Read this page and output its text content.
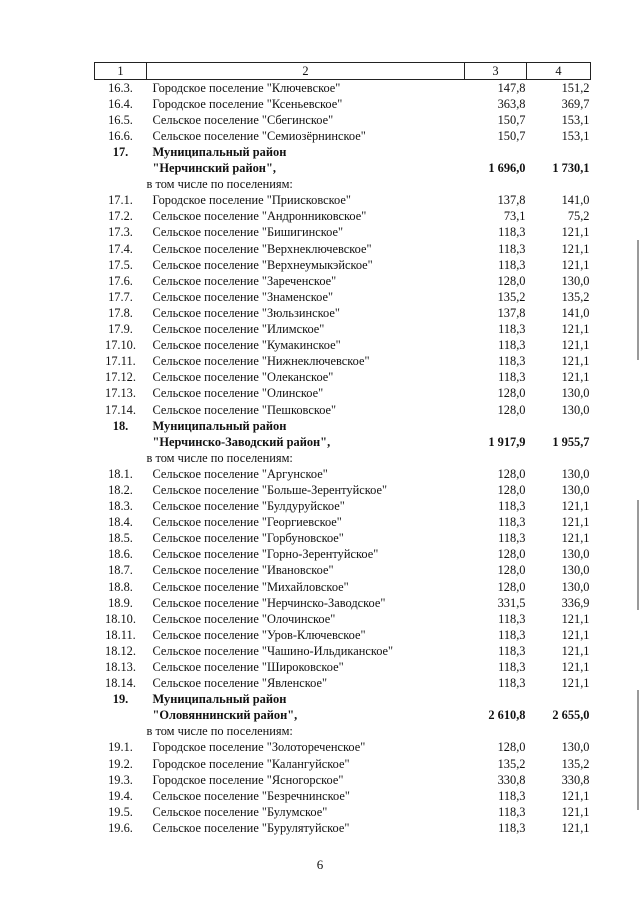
1	2	3	4
16.3.	Городское поселение "Ключевское"	147,8	151,2
16.4.	Городское поселение "Ксеньевское"	363,8	369,7
16.5.	Сельское поселение "Сбегинское"	150,7	153,1
16.6.	Сельское поселение "Семиозёрнинское"	150,7	153,1
17.	Муниципальный район		
	"Нерчинский район",	1 696,0	1 730,1
	в том числе по поселениям:		
17.1.	Городское поселение "Приисковское"	137,8	141,0
17.2.	Сельское поселение "Андронниковское"	73,1	75,2
17.3.	Сельское поселение "Бишигинское"	118,3	121,1
17.4.	Сельское поселение "Верхнеключевское"	118,3	121,1
17.5.	Сельское поселение "Верхнеумыкэйское"	118,3	121,1
17.6.	Сельское поселение "Зареченское"	128,0	130,0
17.7.	Сельское поселение "Знаменское"	135,2	135,2
17.8.	Сельское поселение "Зюльзинское"	137,8	141,0
17.9.	Сельское поселение "Илимское"	118,3	121,1
17.10.	Сельское поселение "Кумакинское"	118,3	121,1
17.11.	Сельское поселение "Нижнеключевское"	118,3	121,1
17.12.	Сельское поселение "Олеканское"	118,3	121,1
17.13.	Сельское поселение "Олинское"	128,0	130,0
17.14.	Сельское поселение "Пешковское"	128,0	130,0
18.	Муниципальный район		
	"Нерчинско-Заводский район",	1 917,9	1 955,7
	в том числе по поселениям:		
18.1.	Сельское поселение "Аргунское"	128,0	130,0
18.2.	Сельское поселение "Больше-Зерентуйское"	128,0	130,0
18.3.	Сельское поселение "Булдуруйское"	118,3	121,1
18.4.	Сельское поселение "Георгиевское"	118,3	121,1
18.5.	Сельское поселение "Горбуновское"	118,3	121,1
18.6.	Сельское поселение "Горно-Зерентуйское"	128,0	130,0
18.7.	Сельское поселение "Ивановское"	128,0	130,0
18.8.	Сельское поселение "Михайловское"	128,0	130,0
18.9.	Сельское поселение "Нерчинско-Заводское"	331,5	336,9
18.10.	Сельское поселение "Олочинское"	118,3	121,1
18.11.	Сельское поселение "Уров-Ключевское"	118,3	121,1
18.12.	Сельское поселение "Чашино-Ильдиканское"	118,3	121,1
18.13.	Сельское поселение "Широковское"	118,3	121,1
18.14.	Сельское поселение "Явленское"	118,3	121,1
19.	Муниципальный район		
	"Оловяннинский район",	2 610,8	2 655,0
	в том числе по поселениям:		
19.1.	Городское поселение "Золотореченское"	128,0	130,0
19.2.	Городское поселение "Калангуйское"	135,2	135,2
19.3.	Городское поселение "Ясногорское"	330,8	330,8
19.4.	Сельское поселение "Безречнинское"	118,3	121,1
19.5.	Сельское поселение "Булумское"	118,3	121,1
19.6.	Сельское поселение "Бурулятуйское"	118,3	121,1
6
